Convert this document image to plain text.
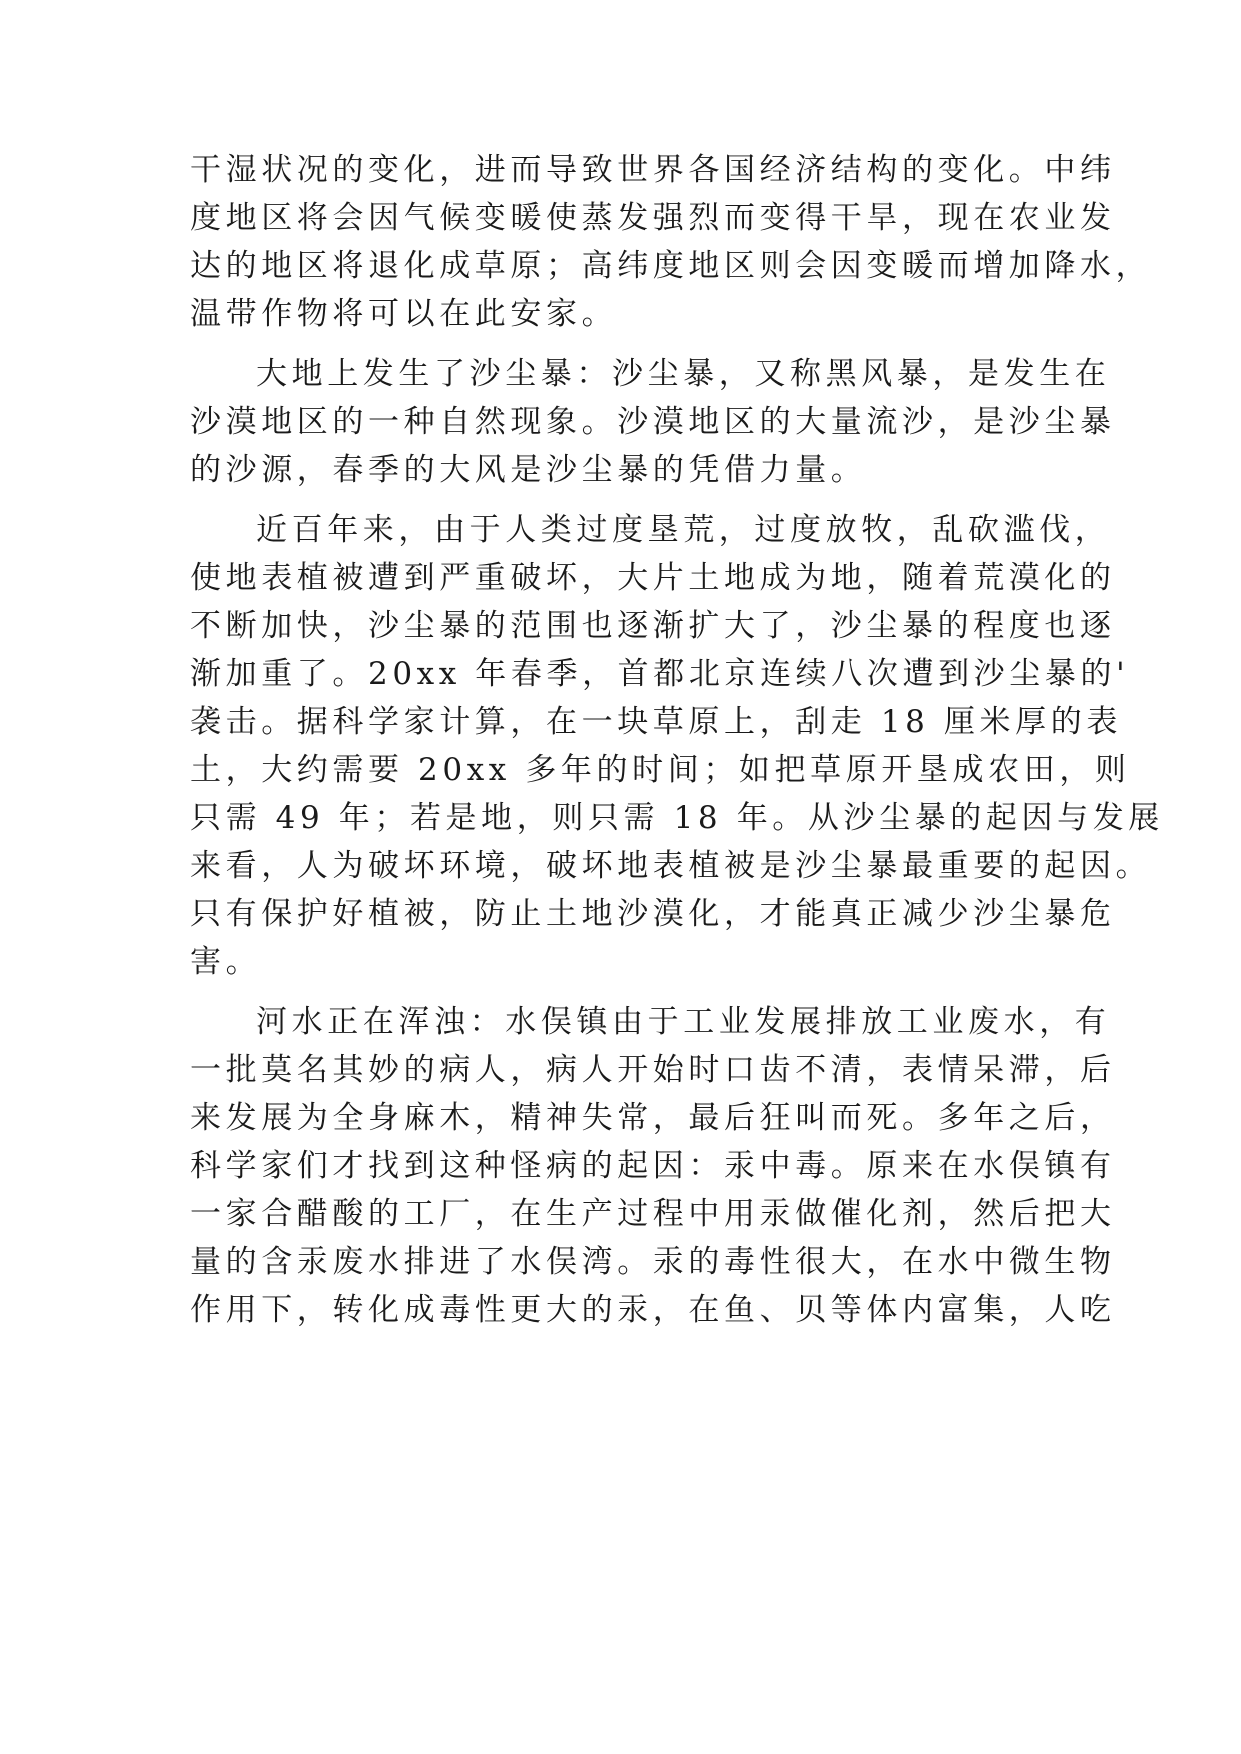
干湿状况的变化，进而导致世界各国经济结构的变化。中纬
度地区将会因气候变暖使蒸发强烈而变得干旱，现在农业发
达的地区将退化成草原；高纬度地区则会因变暖而增加降水，
温带作物将可以在此安家。
大地上发生了沙尘暴：沙尘暴，又称黑风暴，是发生在
沙漠地区的一种自然现象。沙漠地区的大量流沙，是沙尘暴
的沙源，春季的大风是沙尘暴的凭借力量。
近百年来，由于人类过度垦荒，过度放牧，乱砍滥伐，
使地表植被遭到严重破坏，大片土地成为地，随着荒漠化的
不断加快，沙尘暴的范围也逐渐扩大了，沙尘暴的程度也逐
渐加重了。20xx 年春季，首都北京连续八次遭到沙尘暴的'
袭击。据科学家计算，在一块草原上，刮走 18 厘米厚的表
土，大约需要 20xx 多年的时间；如把草原开垦成农田，则
只需 49 年；若是地，则只需 18 年。从沙尘暴的起因与发展
来看，人为破坏环境，破坏地表植被是沙尘暴最重要的起因。
只有保护好植被，防止土地沙漠化，才能真正减少沙尘暴危
害。
河水正在浑浊：水俣镇由于工业发展排放工业废水，有
一批莫名其妙的病人，病人开始时口齿不清，表情呆滞，后
来发展为全身麻木，精神失常，最后狂叫而死。多年之后，
科学家们才找到这种怪病的起因：汞中毒。原来在水俣镇有
一家合醋酸的工厂，在生产过程中用汞做催化剂，然后把大
量的含汞废水排进了水俣湾。汞的毒性很大，在水中微生物
作用下，转化成毒性更大的汞，在鱼、贝等体内富集，人吃
